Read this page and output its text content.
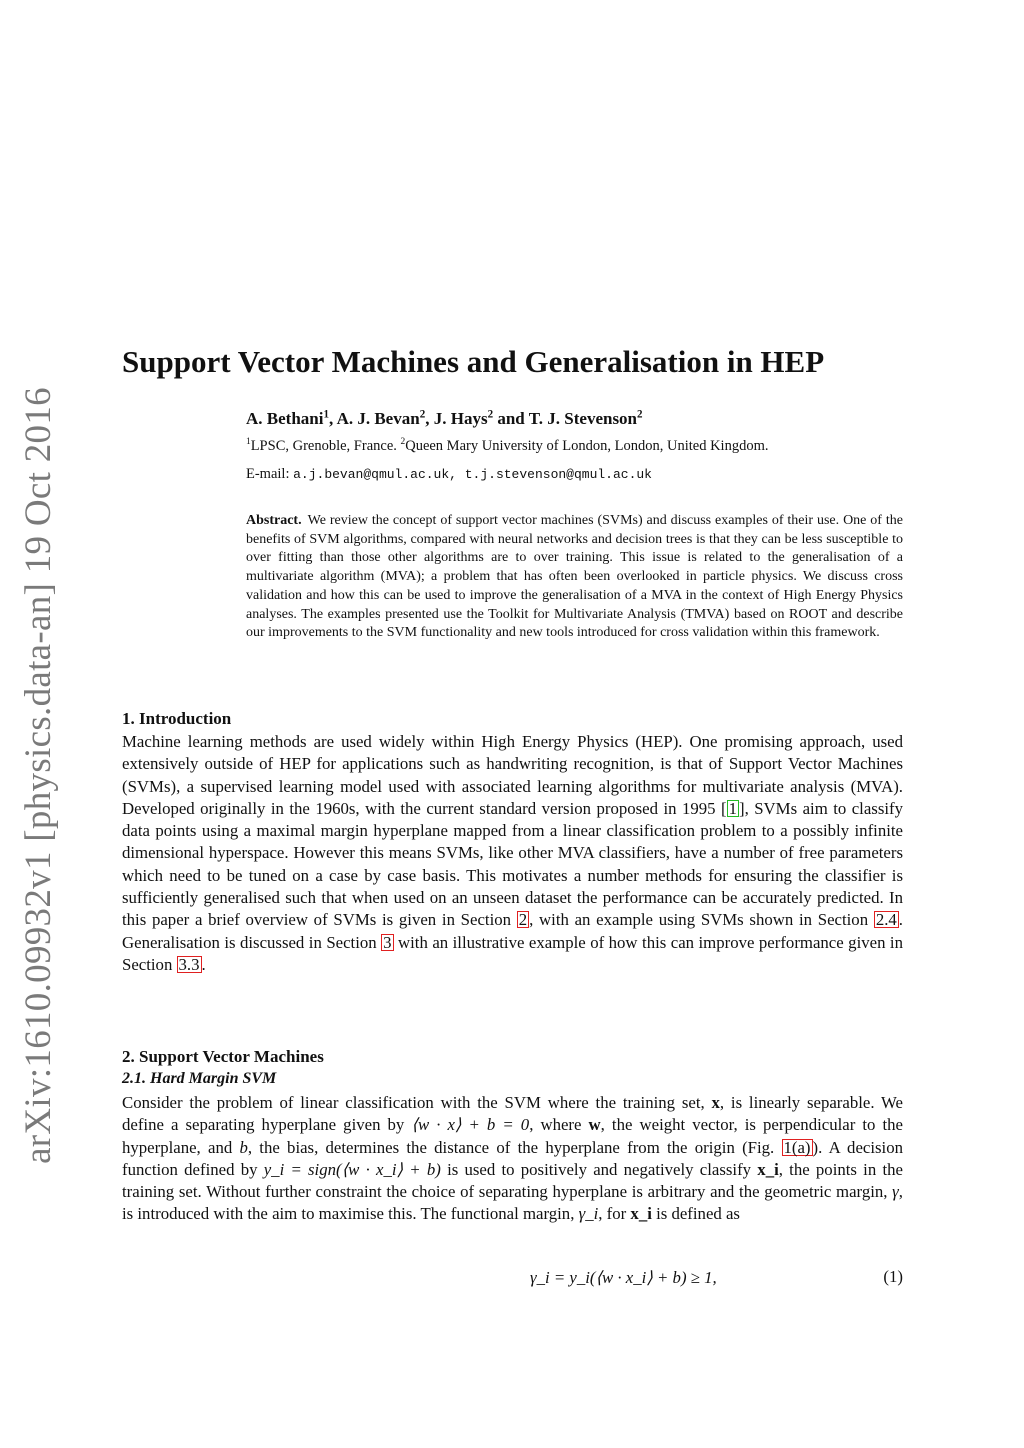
arXiv:1610.09932v1 [physics.data-an] 19 Oct 2016
Support Vector Machines and Generalisation in HEP
A. Bethani$^1$, A. J. Bevan$^2$, J. Hays$^2$ and T. J. Stevenson$^2$
$^1$LPSC, Grenoble, France. $^2$Queen Mary University of London, London, United Kingdom.
E-mail: a.j.bevan@qmul.ac.uk, t.j.stevenson@qmul.ac.uk

Abstract. We review the concept of support vector machines (SVMs) and discuss examples of their use. One of the benefits of SVM algorithms, compared with neural networks and decision trees is that they can be less susceptible to over fitting than those other algorithms are to over training. This issue is related to the generalisation of a multivariate algorithm (MVA); a problem that has often been overlooked in particle physics. We discuss cross validation and how this can be used to improve the generalisation of a MVA in the context of High Energy Physics analyses. The examples presented use the Toolkit for Multivariate Analysis (TMVA) based on ROOT and describe our improvements to the SVM functionality and new tools introduced for cross validation within this framework.

1. Introduction

Machine learning methods are used widely within High Energy Physics (HEP). One promising approach, used extensively outside of HEP for applications such as handwriting recognition, is that of Support Vector Machines (SVMs), a supervised learning model used with associated learning algorithms for multivariate analysis (MVA). Developed originally in the 1960s, with the current standard version proposed in 1995 [ 1 ], SVMs aim to classify data points using a maximal margin hyperplane mapped from a linear classification problem to a possibly infinite dimensional hyperspace. However this means SVMs, like other MVA classifiers, have a number of free parameters which need to be tuned on a case by case basis. This motivates a number methods for ensuring the classifier is sufficiently generalised such that when used on an unseen dataset the performance can be accurately predicted. In this paper a brief overview of SVMs is given in Section 2 , with an example using SVMs shown in Section 2.4 . Generalisation is discussed in Section 3 with an illustrative example of how this can improve performance given in Section 3.3 .

2. Support Vector Machines
2.1. Hard Margin SVM

Consider the problem of linear classification with the SVM where the training set, x, is linearly separable. We define a separating hyperplane given by ⟨w · x⟩ + b = 0, where w, the weight vector, is perpendicular to the hyperplane, and b, the bias, determines the distance of the hyperplane from the origin (Fig. 1(a) ). A decision function defined by y_i = sign(⟨w · x_i⟩ + b) is used to positively and negatively classify x_i, the points in the training set. Without further constraint the choice of separating hyperplane is arbitrary and the geometric margin, γ, is introduced with the aim to maximise this. The functional margin, γ_i, for x_i is defined as

γ_i = y_i(⟨w · x_i⟩ + b) ≥ 1,	(1)
